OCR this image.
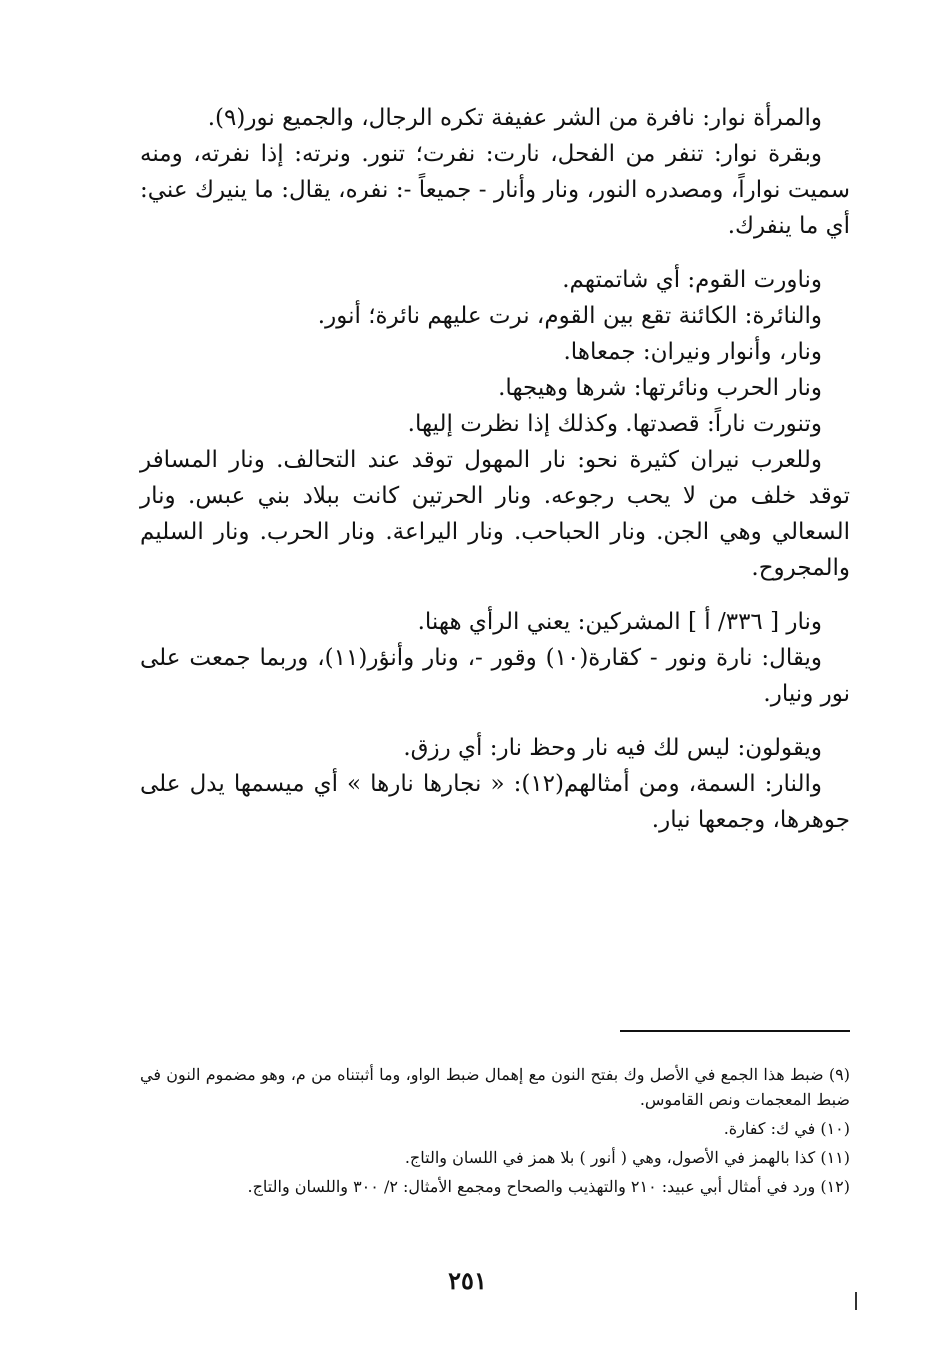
والمرأة نوار: نافرة من الشر عفيفة تكره الرجال، والجميع نور(٩).

وبقرة نوار: تنفر من الفحل، نارت: نفرت؛ تنور. ونرته: إذا نفرته، ومنه سميت نواراً، ومصدره النور، ونار وأنار - جميعاً -: نفره، يقال: ما ينيرك عني: أي ما ينفرك.

وناورت القوم: أي شاتمتهم.

والنائرة: الكائنة تقع بين القوم، نرت عليهم نائرة؛ أنور.

ونار، وأنوار ونيران: جمعاها.

ونار الحرب ونائرتها: شرها وهيجها.

وتنورت ناراً: قصدتها. وكذلك إذا نظرت إليها.

وللعرب نيران كثيرة نحو: نار المهول توقد عند التحالف. ونار المسافر توقد خلف من لا يحب رجوعه. ونار الحرتين كانت ببلاد بني عبس. ونار السعالي وهي الجن. ونار الحباحب. ونار اليراعة. ونار الحرب. ونار السليم والمجروح.

ونار [ ٣٣٦/ أ ] المشركين: يعني الرأي ههنا.

ويقال: نارة ونور - كقارة(١٠) وقور -، ونار وأنؤر(١١)، وربما جمعت على نور ونيار.

ويقولون: ليس لك فيه نار وحظ نار: أي رزق.

والنار: السمة، ومن أمثالهم(١٢): « نجارها نارها » أي ميسمها يدل على جوهرها، وجمعها نيار.

(٩) ضبط هذا الجمع في الأصل وك بفتح النون مع إهمال ضبط الواو، وما أثبتناه من م، وهو مضموم النون في ضبط المعجمات ونص القاموس.

(١٠) في ك: كفارة.

(١١) كذا بالهمز في الأصول، وهي ( أنور ) بلا همز في اللسان والتاج.

(١٢) ورد في أمثال أبي عبيد: ٢١٠ والتهذيب والصحاح ومجمع الأمثال: ٢/ ٣٠٠ واللسان والتاج.

٢٥١
